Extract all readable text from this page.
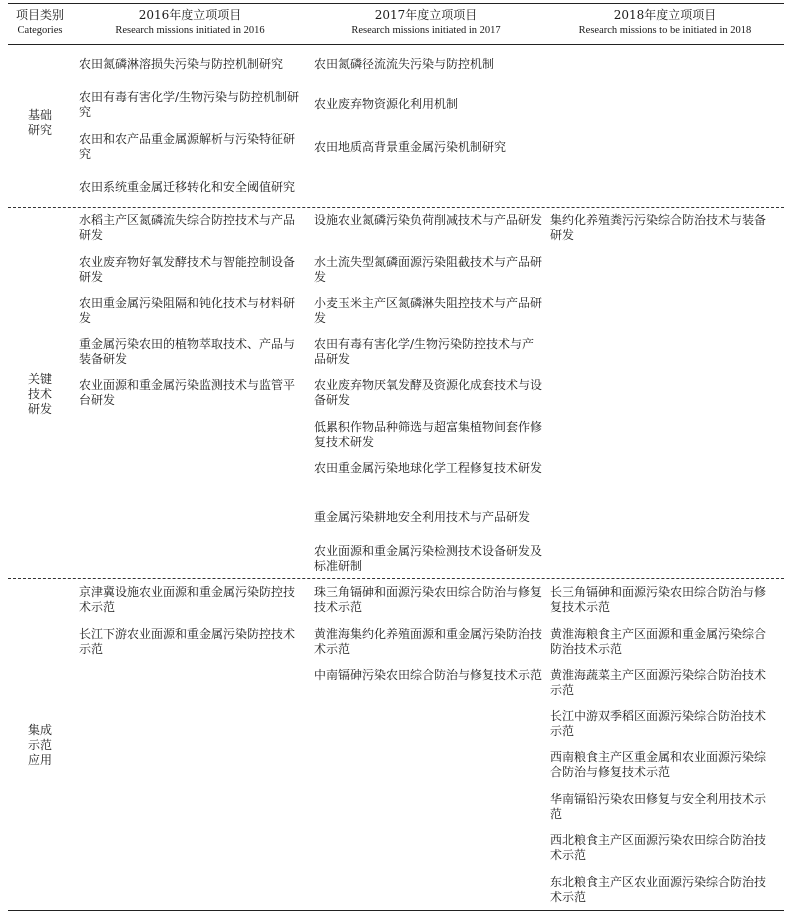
项目类别
Categories
2016年度立项项目
Research missions initiated in 2016
2017年度立项项目
Research missions initiated in 2017
2018年度立项项目
Research missions to be initiated in 2018
基础
研究
农田氮磷淋溶损失污染与防控机制研究
农田有毒有害化学/生物污染与防控机制研究
农田和农产品重金属源解析与污染特征研究
农田系统重金属迁移转化和安全阈值研究
农田氮磷径流流失污染与防控机制
农业废弃物资源化利用机制
农田地质高背景重金属污染机制研究
关键
技术
研发
水稻主产区氮磷流失综合防控技术与产品研发
农业废弃物好氧发酵技术与智能控制设备研发
农田重金属污染阻隔和钝化技术与材料研发
重金属污染农田的植物萃取技术、产品与装备研发
农业面源和重金属污染监测技术与监管平台研发
设施农业氮磷污染负荷削减技术与产品研发
水土流失型氮磷面源污染阻截技术与产品研发
小麦玉米主产区氮磷淋失阻控技术与产品研发
农田有毒有害化学/生物污染防控技术与产品研发
农业废弃物厌氧发酵及资源化成套技术与设备研发
低累积作物品种筛选与超富集植物间套作修复技术研发
农田重金属污染地球化学工程修复技术研发
重金属污染耕地安全利用技术与产品研发
农业面源和重金属污染检测技术设备研发及标准研制
集约化养殖粪污污染综合防治技术与装备研发
集成
示范
应用
京津冀设施农业面源和重金属污染防控技术示范
长江下游农业面源和重金属污染防控技术示范
珠三角镉砷和面源污染农田综合防治与修复技术示范
黄淮海集约化养殖面源和重金属污染防治技术示范
中南镉砷污染农田综合防治与修复技术示范
长三角镉砷和面源污染农田综合防治与修复技术示范
黄淮海粮食主产区面源和重金属污染综合防治技术示范
黄淮海蔬菜主产区面源污染综合防治技术示范
长江中游双季稻区面源污染综合防治技术示范
西南粮食主产区重金属和农业面源污染综合防治与修复技术示范
华南镉铅污染农田修复与安全利用技术示范
西北粮食主产区面源污染农田综合防治技术示范
东北粮食主产区农业面源污染综合防治技术示范
